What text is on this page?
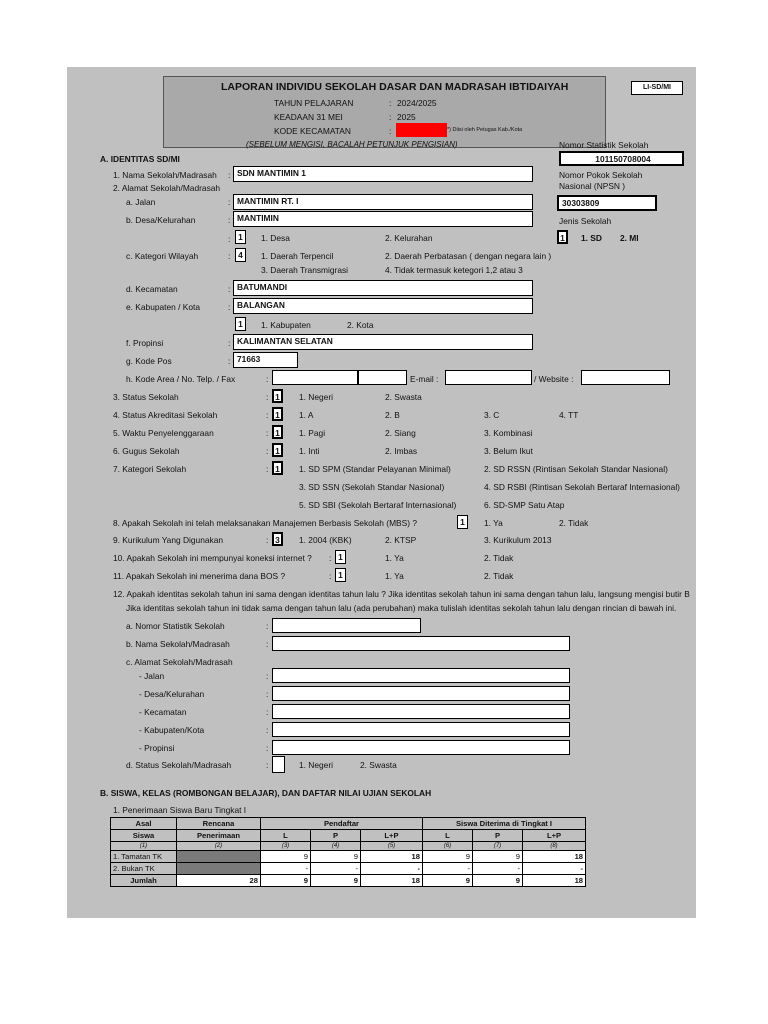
LAPORAN INDIVIDU SEKOLAH DASAR DAN MADRASAH IBTIDAIYAH	LI-SD/MI
TAHUN PELAJARAN	: 2024/2025
KEADAAN 31 MEI	: 2025
KODE KECAMATAN	:	*) Diisi oleh Petugas Kab./Kota
(SEBELUM MENGISI, BACALAH PETUNJUK PENGISIAN)	Nomor Statistik Sekolah
101150708004
Nomor Pokok Sekolah
Nasional (NPSN )
30303809
Jenis Sekolah
1	1. SD 2. MI
A. IDENTITAS SD/MI
1. Nama Sekolah/Madrasah : SDN MANTIMIN 1
2. Alamat Sekolah/Madrasah
a. Jalan	: MANTIMIN RT. I
b. Desa/Kelurahan	: MANTIMIN
: 1	1. Desa	2. Kelurahan
c. Kategori Wilayah	: 4	1. Daerah Terpencil	2. Daerah Perbatasan ( dengan negara lain )
3. Daerah Transmigrasi	4. Tidak termasuk ketegori 1,2 atau 3
d. Kecamatan	: BATUMANDI
e. Kabupaten / Kota	: BALANGAN
1	1. Kabupaten	2. Kota
f. Propinsi	: KALIMANTAN SELATAN
g. Kode Pos	: 71663
h. Kode Area / No. Telp. / Fax	:	E-mail :	/ Website :
3. Status Sekolah	: 1	1. Negeri	2. Swasta
4. Status Akreditasi Sekolah	: 1	1. A	2. B	3. C	4. TT
5. Waktu Penyelenggaraan	: 1	1. Pagi	2. Siang	3. Kombinasi
6. Gugus Sekolah	: 1	1. Inti	2. Imbas	3. Belum Ikut
7. Kategori Sekolah	: 1	1. SD SPM (Standar Pelayanan Minimal)	2. SD RSSN (Rintisan Sekolah Standar Nasional)
3. SD SSN (Sekolah Standar Nasional)	4. SD RSBI (Rintisan Sekolah Bertaraf Internasional)
5. SD SBI (Sekolah Bertaraf Internasional)	6. SD-SMP Satu Atap
8. Apakah Sekolah ini telah melaksanakan Manajemen Berbasis Sekolah (MBS) ?	1	1. Ya	2. Tidak
9. Kurikulum Yang Digunakan	: 3	1. 2004 (KBK)	2. KTSP	3. Kurikulum 2013
10. Apakah Sekolah ini mempunyai koneksi internet ? : 1	1. Ya	2. Tidak
11. Apakah Sekolah ini menerima dana BOS ?	: 1	1. Ya	2. Tidak
12. Apakah identitas sekolah tahun ini sama dengan identitas tahun lalu ? Jika identitas sekolah tahun ini sama dengan tahun lalu, langsung mengisi butir B
Jika identitas sekolah tahun ini tidak sama dengan tahun lalu (ada perubahan) maka tulislah identitas sekolah tahun lalu dengan rincian di bawah ini.
a. Nomor Statistik Sekolah	:
b. Nama Sekolah/Madrasah	:
c. Alamat Sekolah/Madrasah
- Jalan	:
- Desa/Kelurahan	:
- Kecamatan	:
- Kabupaten/Kota	:
- Propinsi	:
d. Status Sekolah/Madrasah	:	1. Negeri	2. Swasta
B. SISWA, KELAS (ROMBONGAN BELAJAR), DAN DAFTAR NILAI UJIAN SEKOLAH
1. Penerimaan Siswa Baru Tingkat I
Asal	Rencana	Pendaftar			Siswa Diterima di Tingkat I		
Siswa	Penerimaan	L	P	L+P	L	P	L+P
(1)	(2)	(3)	(4)	(5)	(6)	(7)	(8)
1. Tamatan TK		9	9	18	9	9	18
2. Bukan TK		-	-	-	-	-	-
Jumlah	28	9	9	18	9	9	18
